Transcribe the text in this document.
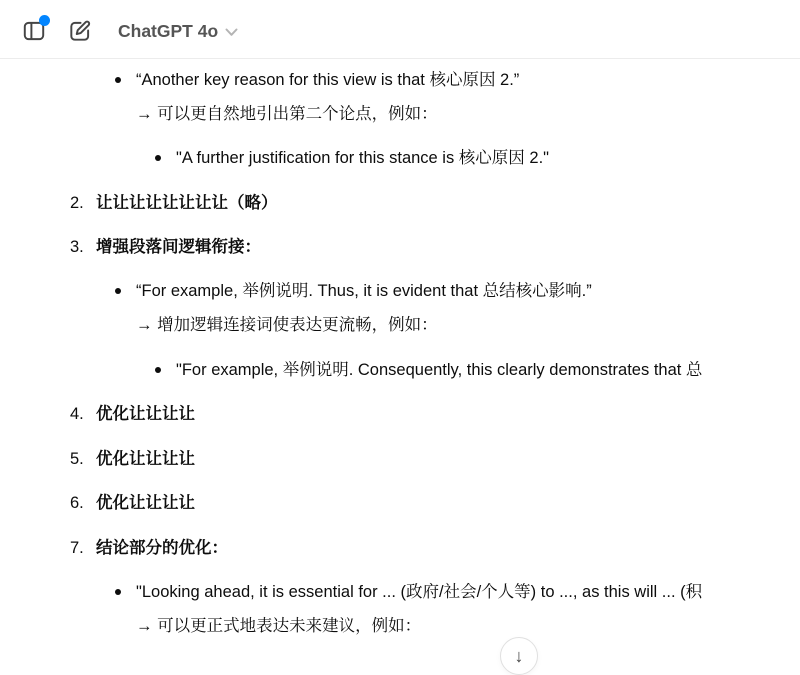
ChatGPT 4o
“Another key reason for this view is that 核心原因 2.”
→ 可以更自然地引出第二个论点，例如：
"A further justification for this stance is 核心原因 2."
2. 让让让让让让让让（略）
3. 增强段落间逻辑衔接：
“For example, 举例说明. Thus, it is evident that 总结核心影响.”
→ 增加逻辑连接词使表达更流畅，例如：
"For example, 举例说明. Consequently, this clearly demonstrates that 总
4. 优化让让让让
5. 优化让让让让
6. 优化让让让让
7. 结论部分的优化：
"Looking ahead, it is essential for ... (政府/社会/个人等) to ..., as this will ... (积
→ 可以更正式地表达未来建议，例如：
↓
